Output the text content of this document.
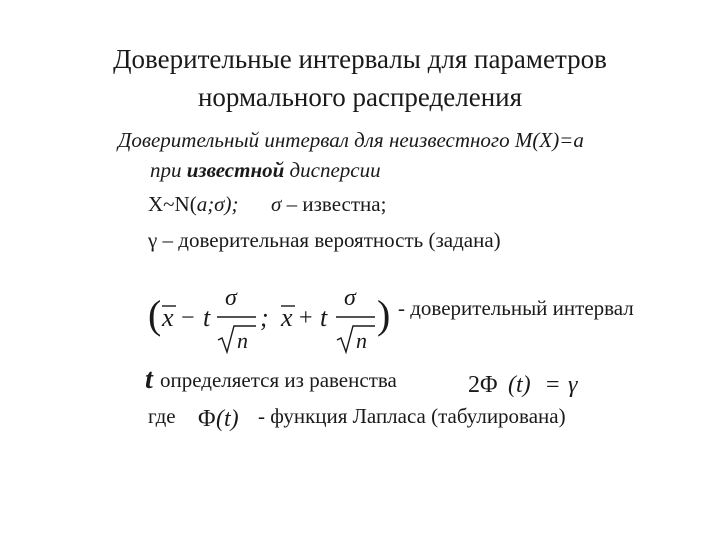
Доверительные интервалы для параметров
нормального распределения
Доверительный интервал для неизвестного М(Х)=а
при известной дисперсии
Х~N(a;σ); σ – известна;
γ – доверительная вероятность (задана)
( x − t
σ
n
; x + t
σ
n
) - доверительный интервал
t определяется из равенства	2Φ (t) = γ
где Φ (t) - функция Лапласа (табулирована)
